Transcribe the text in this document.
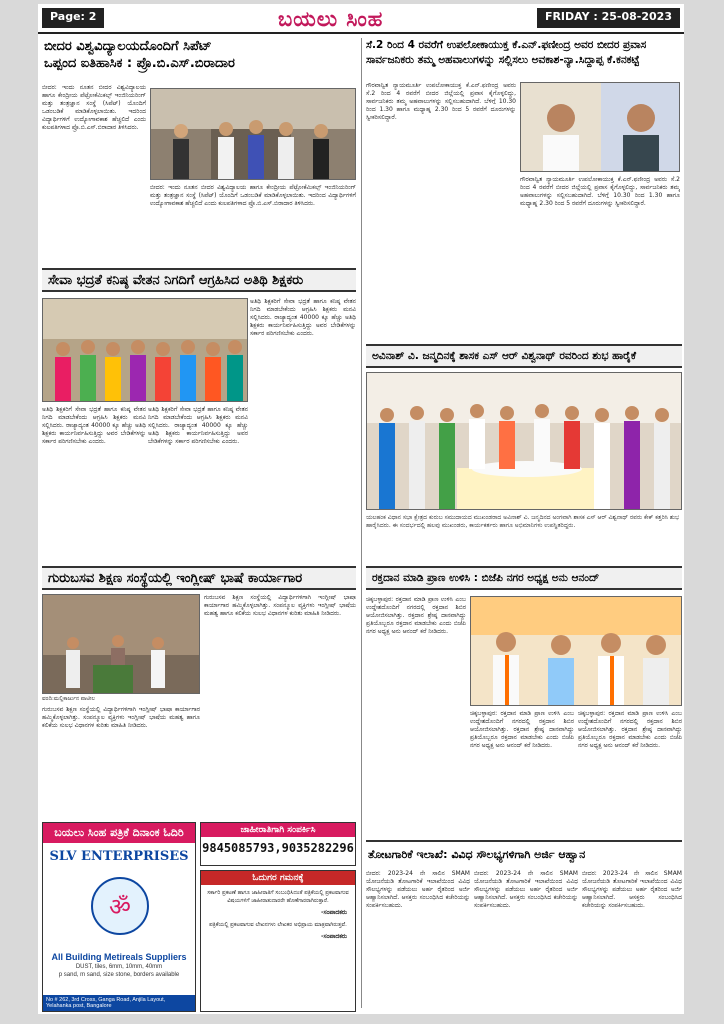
Page: 2	ಬಯಲು ಸಿಂಹ	FRIDAY : 25-08-2023
ಬೀದರ ವಿಶ್ವವಿದ್ಯಾಲಯದೊಂದಿಗೆ ಸಿಪೆಟ್
ಒಪ್ಪಂದ ಐತಿಹಾಸಿಕ : ಪ್ರೊ.ಬಿ.ಎಸ್.ಬಿರಾದಾರ
ಬೀದರ: ಇಂದು ನೂತನ ಬೀದರ ವಿಶ್ವವಿದ್ಯಾಲಯ ಹಾಗೂ ಕೇಂದ್ರೀಯ ಪೆಟ್ರೋಕೆಮಿಕಲ್ಸ್ ಇಂಜಿನಿಯರಿಂಗ್ ಮತ್ತು ತಂತ್ರಜ್ಞಾನ ಸಂಸ್ಥೆ (ಸಿಪೆಟ್) ಯೊಂದಿಗೆ ಒಡಂಬಡಿಕೆ ಮಾಡಿಕೊಳ್ಳಲಾಯಿತು. ಇದರಿಂದ ವಿದ್ಯಾರ್ಥಿಗಳಿಗೆ ಉದ್ಯೋಗಾವಕಾಶ ಹೆಚ್ಚಲಿದೆ ಎಂದು ಕುಲಪತಿಗಳಾದ ಪ್ರೊ.ಬಿ.ಎಸ್.ಬಿರಾದಾರ ತಿಳಿಸಿದರು.
ಬೀದರ: ಇಂದು ನೂತನ ಬೀದರ ವಿಶ್ವವಿದ್ಯಾಲಯ ಹಾಗೂ ಕೇಂದ್ರೀಯ ಪೆಟ್ರೋಕೆಮಿಕಲ್ಸ್ ಇಂಜಿನಿಯರಿಂಗ್ ಮತ್ತು ತಂತ್ರಜ್ಞಾನ ಸಂಸ್ಥೆ (ಸಿಪೆಟ್) ಯೊಂದಿಗೆ ಒಡಂಬಡಿಕೆ ಮಾಡಿಕೊಳ್ಳಲಾಯಿತು. ಇದರಿಂದ ವಿದ್ಯಾರ್ಥಿಗಳಿಗೆ ಉದ್ಯೋಗಾವಕಾಶ ಹೆಚ್ಚಲಿದೆ ಎಂದು ಕುಲಪತಿಗಳಾದ ಪ್ರೊ.ಬಿ.ಎಸ್.ಬಿರಾದಾರ ತಿಳಿಸಿದರು.
ಸೇವಾ ಭದ್ರತೆ ಕನಿಷ್ಠ ವೇತನ ನಿಗದಿಗೆ ಆಗ್ರಹಿಸಿದ ಅತಿಥಿ ಶಿಕ್ಷಕರು
ಅತಿಥಿ ಶಿಕ್ಷಕರಿಗೆ ಸೇವಾ ಭದ್ರತೆ ಹಾಗೂ ಕನಿಷ್ಠ ವೇತನ ನಿಗದಿ ಮಾಡಬೇಕೆಂದು ಆಗ್ರಹಿಸಿ ಶಿಕ್ಷಕರು ಮನವಿ ಸಲ್ಲಿಸಿದರು. ರಾಜ್ಯಾದ್ಯಂತ 40000 ಕ್ಕೂ ಹೆಚ್ಚು ಅತಿಥಿ ಶಿಕ್ಷಕರು ಕಾರ್ಯನಿರ್ವಹಿಸುತ್ತಿದ್ದು ಅವರ ಬೇಡಿಕೆಗಳನ್ನು ಸರ್ಕಾರ ಪರಿಗಣಿಸಬೇಕು ಎಂದರು.
ಅತಿಥಿ ಶಿಕ್ಷಕರಿಗೆ ಸೇವಾ ಭದ್ರತೆ ಹಾಗೂ ಕನಿಷ್ಠ ವೇತನ ನಿಗದಿ ಮಾಡಬೇಕೆಂದು ಆಗ್ರಹಿಸಿ ಶಿಕ್ಷಕರು ಮನವಿ ಸಲ್ಲಿಸಿದರು. ರಾಜ್ಯಾದ್ಯಂತ 40000 ಕ್ಕೂ ಹೆಚ್ಚು ಅತಿಥಿ ಶಿಕ್ಷಕರು ಕಾರ್ಯನಿರ್ವಹಿಸುತ್ತಿದ್ದು ಅವರ ಬೇಡಿಕೆಗಳನ್ನು ಸರ್ಕಾರ ಪರಿಗಣಿಸಬೇಕು ಎಂದರು.
ಅತಿಥಿ ಶಿಕ್ಷಕರಿಗೆ ಸೇವಾ ಭದ್ರತೆ ಹಾಗೂ ಕನಿಷ್ಠ ವೇತನ ನಿಗದಿ ಮಾಡಬೇಕೆಂದು ಆಗ್ರಹಿಸಿ ಶಿಕ್ಷಕರು ಮನವಿ ಸಲ್ಲಿಸಿದರು. ರಾಜ್ಯಾದ್ಯಂತ 40000 ಕ್ಕೂ ಹೆಚ್ಚು ಅತಿಥಿ ಶಿಕ್ಷಕರು ಕಾರ್ಯನಿರ್ವಹಿಸುತ್ತಿದ್ದು ಅವರ ಬೇಡಿಕೆಗಳನ್ನು ಸರ್ಕಾರ ಪರಿಗಣಿಸಬೇಕು ಎಂದರು.
ಗುರುಬಸವ ಶಿಕ್ಷಣ ಸಂಸ್ಥೆಯಲ್ಲಿ ಇಂಗ್ಲೀಷ್ ಭಾಷೆ ಕಾರ್ಯಾಗಾರ
ವರದಿ:ಮಲ್ಲಿಕಾರ್ಜುನ ಪಾಟೀಲ
ಗುರುಬಸವ ಶಿಕ್ಷಣ ಸಂಸ್ಥೆಯಲ್ಲಿ ವಿದ್ಯಾರ್ಥಿಗಳಿಗಾಗಿ ಇಂಗ್ಲೀಷ್ ಭಾಷಾ ಕಾರ್ಯಾಗಾರ ಹಮ್ಮಿಕೊಳ್ಳಲಾಗಿತ್ತು. ಸಂಪನ್ಮೂಲ ವ್ಯಕ್ತಿಗಳು ಇಂಗ್ಲೀಷ್ ಭಾಷೆಯ ಮಹತ್ವ ಹಾಗೂ ಕಲಿಕೆಯ ಸುಲಭ ವಿಧಾನಗಳ ಕುರಿತು ಮಾಹಿತಿ ನೀಡಿದರು.
ಗುರುಬಸವ ಶಿಕ್ಷಣ ಸಂಸ್ಥೆಯಲ್ಲಿ ವಿದ್ಯಾರ್ಥಿಗಳಿಗಾಗಿ ಇಂಗ್ಲೀಷ್ ಭಾಷಾ ಕಾರ್ಯಾಗಾರ ಹಮ್ಮಿಕೊಳ್ಳಲಾಗಿತ್ತು. ಸಂಪನ್ಮೂಲ ವ್ಯಕ್ತಿಗಳು ಇಂಗ್ಲೀಷ್ ಭಾಷೆಯ ಮಹತ್ವ ಹಾಗೂ ಕಲಿಕೆಯ ಸುಲಭ ವಿಧಾನಗಳ ಕುರಿತು ಮಾಹಿತಿ ನೀಡಿದರು.
ಬಯಲು ಸಿಂಹ ಪತ್ರಿಕೆ ದಿನಾಂಕ ಓದಿರಿ
SLV ENTERPRISES
ॐ
All Building Metireals Suppliers
DUST, tiles, 6mm, 10mm, 40mm
p sand, m sand, size stone, borders available
No # 262, 3rd Cross, Ganga Road, Anjila Layout, Yelahanka post, Bangalore
ಜಾಹೀರಾತಿಗಾಗಿ ಸಂಪರ್ಕಿಸಿ
9845085793,9035282296
ಓದುಗರ ಗಮನಕ್ಕೆ
ಸರ್ಕಾರಿ ಪ್ರಕಟಣೆ ಹಾಗೂ ಜಾಹೀರಾತಿಗೆ ಸಂಬಂಧಿಸಿದಂತೆ ಪತ್ರಿಕೆಯಲ್ಲಿ ಪ್ರಕಟವಾಗುವ ವಿಷಯಗಳಿಗೆ ಜಾಹೀರಾತುದಾರರೇ ಹೊಣೆಗಾರರಾಗಿರುತ್ತಾರೆ.
-ಸಂಪಾದಕರು
ಪತ್ರಿಕೆಯಲ್ಲಿ ಪ್ರಕಟವಾಗುವ ಲೇಖನಗಳು ಲೇಖಕರ ಅಭಿಪ್ರಾಯ ಮಾತ್ರವಾಗಿರುತ್ತವೆ.
-ಸಂಪಾದಕರು
ಸೆ.2 ರಿಂದ 4 ರವರೆಗೆ ಉಪಲೋಕಾಯುಕ್ತ ಕೆ.ಎನ್.ಫಣೀಂದ್ರ ಅವರ ಬೀದರ ಪ್ರವಾಸ
ಸಾರ್ವಜನಿಕರು ತಮ್ಮ ಅಹವಾಲುಗಳನ್ನು ಸಲ್ಲಿಸಲು ಅವಕಾಶ-ನ್ಯಾ.ಸಿದ್ದಾಪ್ಪ ಕೆ.ಕನಕಟ್ಟೆ
ಗೌರವಾನ್ವಿತ ನ್ಯಾಯಮೂರ್ತಿ ಉಪಲೋಕಾಯುಕ್ತ ಕೆ.ಎನ್.ಫಣೀಂದ್ರ ಅವರು ಸೆ.2 ರಿಂದ 4 ರವರೆಗೆ ಬೀದರ ಜಿಲ್ಲೆಯಲ್ಲಿ ಪ್ರವಾಸ ಕೈಗೊಳ್ಳಲಿದ್ದು, ಸಾರ್ವಜನಿಕರು ತಮ್ಮ ಅಹವಾಲುಗಳನ್ನು ಸಲ್ಲಿಸಬಹುದಾಗಿದೆ. ಬೆಳಿಗ್ಗೆ 10.30 ರಿಂದ 1.30 ಹಾಗೂ ಮಧ್ಯಾಹ್ನ 2.30 ರಿಂದ 5 ರವರೆಗೆ ದೂರುಗಳನ್ನು ಸ್ವೀಕರಿಸಲಿದ್ದಾರೆ.
ಗೌರವಾನ್ವಿತ ನ್ಯಾಯಮೂರ್ತಿ ಉಪಲೋಕಾಯುಕ್ತ ಕೆ.ಎನ್.ಫಣೀಂದ್ರ ಅವರು ಸೆ.2 ರಿಂದ 4 ರವರೆಗೆ ಬೀದರ ಜಿಲ್ಲೆಯಲ್ಲಿ ಪ್ರವಾಸ ಕೈಗೊಳ್ಳಲಿದ್ದು, ಸಾರ್ವಜನಿಕರು ತಮ್ಮ ಅಹವಾಲುಗಳನ್ನು ಸಲ್ಲಿಸಬಹುದಾಗಿದೆ. ಬೆಳಿಗ್ಗೆ 10.30 ರಿಂದ 1.30 ಹಾಗೂ ಮಧ್ಯಾಹ್ನ 2.30 ರಿಂದ 5 ರವರೆಗೆ ದೂರುಗಳನ್ನು ಸ್ವೀಕರಿಸಲಿದ್ದಾರೆ.
ಅವಿನಾಶ್ ವಿ. ಜನ್ಮದಿನಕ್ಕೆ ಶಾಸಕ ಎಸ್ ಆರ್ ವಿಶ್ವನಾಥ್ ರವರಿಂದ ಶುಭ ಹಾರೈಕೆ
ಯಲಹಂಕ ವಿಧಾನ ಸಭಾ ಕ್ಷೇತ್ರದ ಕುರುಬ ಸಮುದಾಯದ ಮುಖಂಡರಾದ ಅವಿನಾಶ್ ವಿ. ಜನ್ಮದಿನದ ಅಂಗವಾಗಿ ಶಾಸಕ ಎಸ್ ಆರ್ ವಿಶ್ವನಾಥ್ ರವರು ಕೇಕ್ ಕತ್ತರಿಸಿ ಶುಭ ಹಾರೈಸಿದರು. ಈ ಸಂದರ್ಭದಲ್ಲಿ ಹಲವು ಮುಖಂಡರು, ಕಾರ್ಯಕರ್ತರು ಹಾಗೂ ಅಭಿಮಾನಿಗಳು ಉಪಸ್ಥಿತರಿದ್ದರು.
ರಕ್ತದಾನ ಮಾಡಿ ಪ್ರಾಣ ಉಳಿಸಿ : ಬಿಜೆಪಿ ನಗರ ಅಧ್ಯಕ್ಷ ಅನು ಆನಂದ್
ಚಿಕ್ಕಬಳ್ಳಾಪುರ: ರಕ್ತದಾನ ಮಾಡಿ ಪ್ರಾಣ ಉಳಿಸಿ ಎಂಬ ಉದ್ದೇಶದೊಂದಿಗೆ ನಗರದಲ್ಲಿ ರಕ್ತದಾನ ಶಿಬಿರ ಆಯೋಜಿಸಲಾಗಿತ್ತು. ರಕ್ತದಾನ ಶ್ರೇಷ್ಠ ದಾನವಾಗಿದ್ದು ಪ್ರತಿಯೊಬ್ಬರೂ ರಕ್ತದಾನ ಮಾಡಬೇಕು ಎಂದು ಬಿಜೆಪಿ ನಗರ ಅಧ್ಯಕ್ಷ ಅನು ಆನಂದ್ ಕರೆ ನೀಡಿದರು.
ಚಿಕ್ಕಬಳ್ಳಾಪುರ: ರಕ್ತದಾನ ಮಾಡಿ ಪ್ರಾಣ ಉಳಿಸಿ ಎಂಬ ಉದ್ದೇಶದೊಂದಿಗೆ ನಗರದಲ್ಲಿ ರಕ್ತದಾನ ಶಿಬಿರ ಆಯೋಜಿಸಲಾಗಿತ್ತು. ರಕ್ತದಾನ ಶ್ರೇಷ್ಠ ದಾನವಾಗಿದ್ದು ಪ್ರತಿಯೊಬ್ಬರೂ ರಕ್ತದಾನ ಮಾಡಬೇಕು ಎಂದು ಬಿಜೆಪಿ ನಗರ ಅಧ್ಯಕ್ಷ ಅನು ಆನಂದ್ ಕರೆ ನೀಡಿದರು.
ಚಿಕ್ಕಬಳ್ಳಾಪುರ: ರಕ್ತದಾನ ಮಾಡಿ ಪ್ರಾಣ ಉಳಿಸಿ ಎಂಬ ಉದ್ದೇಶದೊಂದಿಗೆ ನಗರದಲ್ಲಿ ರಕ್ತದಾನ ಶಿಬಿರ ಆಯೋಜಿಸಲಾಗಿತ್ತು. ರಕ್ತದಾನ ಶ್ರೇಷ್ಠ ದಾನವಾಗಿದ್ದು ಪ್ರತಿಯೊಬ್ಬರೂ ರಕ್ತದಾನ ಮಾಡಬೇಕು ಎಂದು ಬಿಜೆಪಿ ನಗರ ಅಧ್ಯಕ್ಷ ಅನು ಆನಂದ್ ಕರೆ ನೀಡಿದರು.
ತೋಟಗಾರಿಕೆ ಇಲಾಖೆ: ವಿವಿಧ ಸೌಲಭ್ಯಗಳಿಗಾಗಿ ಅರ್ಜಿ ಆಹ್ವಾನ
ಬೀದರ: 2023-24 ನೇ ಸಾಲಿನ SMAM ಯೋಜನೆಯಡಿ ತೋಟಗಾರಿಕೆ ಇಲಾಖೆಯಿಂದ ವಿವಿಧ ಸೌಲಭ್ಯಗಳನ್ನು ಪಡೆಯಲು ಅರ್ಹ ರೈತರಿಂದ ಅರ್ಜಿ ಆಹ್ವಾನಿಸಲಾಗಿದೆ. ಆಸಕ್ತರು ಸಂಬಂಧಿಸಿದ ಕಚೇರಿಯನ್ನು ಸಂಪರ್ಕಿಸಬಹುದು.
ಬೀದರ: 2023-24 ನೇ ಸಾಲಿನ SMAM ಯೋಜನೆಯಡಿ ತೋಟಗಾರಿಕೆ ಇಲಾಖೆಯಿಂದ ವಿವಿಧ ಸೌಲಭ್ಯಗಳನ್ನು ಪಡೆಯಲು ಅರ್ಹ ರೈತರಿಂದ ಅರ್ಜಿ ಆಹ್ವಾನಿಸಲಾಗಿದೆ. ಆಸಕ್ತರು ಸಂಬಂಧಿಸಿದ ಕಚೇರಿಯನ್ನು ಸಂಪರ್ಕಿಸಬಹುದು.
ಬೀದರ: 2023-24 ನೇ ಸಾಲಿನ SMAM ಯೋಜನೆಯಡಿ ತೋಟಗಾರಿಕೆ ಇಲಾಖೆಯಿಂದ ವಿವಿಧ ಸೌಲಭ್ಯಗಳನ್ನು ಪಡೆಯಲು ಅರ್ಹ ರೈತರಿಂದ ಅರ್ಜಿ ಆಹ್ವಾನಿಸಲಾಗಿದೆ. ಆಸಕ್ತರು ಸಂಬಂಧಿಸಿದ ಕಚೇರಿಯನ್ನು ಸಂಪರ್ಕಿಸಬಹುದು.
